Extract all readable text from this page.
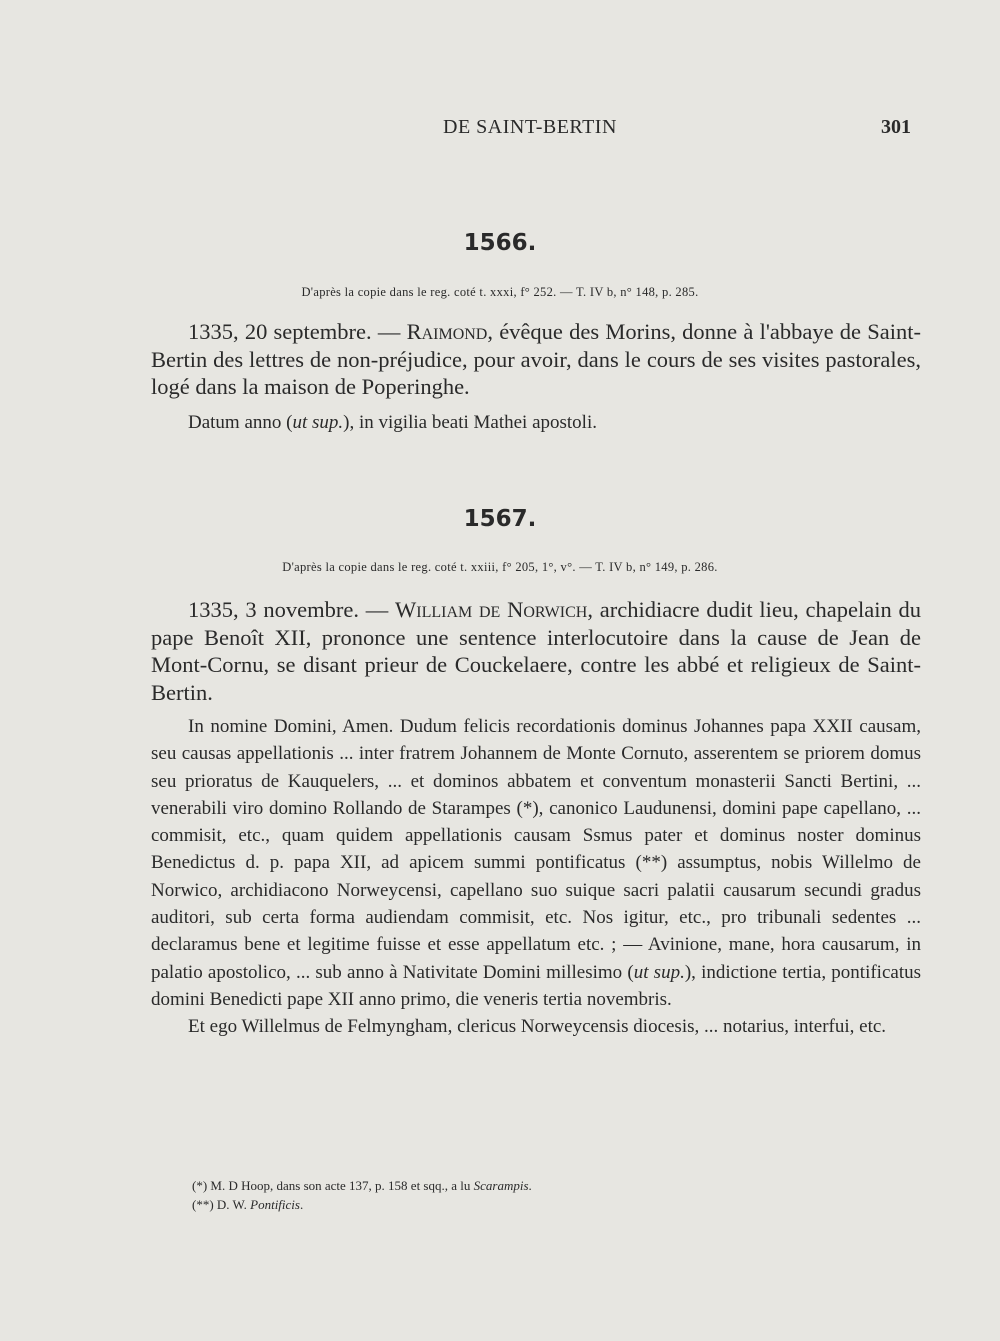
DE SAINT-BERTIN	301
1566.
D'après la copie dans le reg. coté t. xxxi, f° 252. — T. IV b, n° 148, p. 285.

1335, 20 septembre. — Raimond, évêque des Morins, donne à l'abbaye de Saint-Bertin des lettres de non-préjudice, pour avoir, dans le cours de ses visites pastorales, logé dans la maison de Poperinghe.

Datum anno (ut sup.), in vigilia beati Mathei apostoli.

1567.
D'après la copie dans le reg. coté t. xxiii, f° 205, 1°, v°. — T. IV b, n° 149, p. 286.

1335, 3 novembre. — William de Norwich, archidiacre dudit lieu, chapelain du pape Benoît XII, prononce une sentence interlocutoire dans la cause de Jean de Mont-Cornu, se disant prieur de Couckelaere, contre les abbé et religieux de Saint-Bertin.

In nomine Domini, Amen. Dudum felicis recordationis dominus Johannes papa XXII causam, seu causas appellationis ... inter fratrem Johannem de Monte Cornuto, asserentem se priorem domus seu prioratus de Kauquelers, ... et dominos abbatem et conventum monasterii Sancti Bertini, ... venerabili viro domino Rollando de Starampes (*), canonico Laudunensi, domini pape capellano, ... commisit, etc., quam quidem appellationis causam Ssmus pater et dominus noster dominus Benedictus d. p. papa XII, ad apicem summi pontificatus (**) assumptus, nobis Willelmo de Norwico, archidiacono Norweycensi, capellano suo suique sacri palatii causarum secundi gradus auditori, sub certa forma audiendam commisit, etc. Nos igitur, etc., pro tribunali sedentes ... declaramus bene et legitime fuisse et esse appellatum etc. ; — Avinione, mane, hora causarum, in palatio apostolico, ... sub anno à Nativitate Domini millesimo (ut sup.), indictione tertia, pontificatus domini Benedicti pape XII anno primo, die veneris tertia novembris.

Et ego Willelmus de Felmyngham, clericus Norweycensis diocesis, ... notarius, interfui, etc.

(*) M. D Hoop, dans son acte 137, p. 158 et sqq., a lu Scarampis.
(**) D. W. Pontificis.
